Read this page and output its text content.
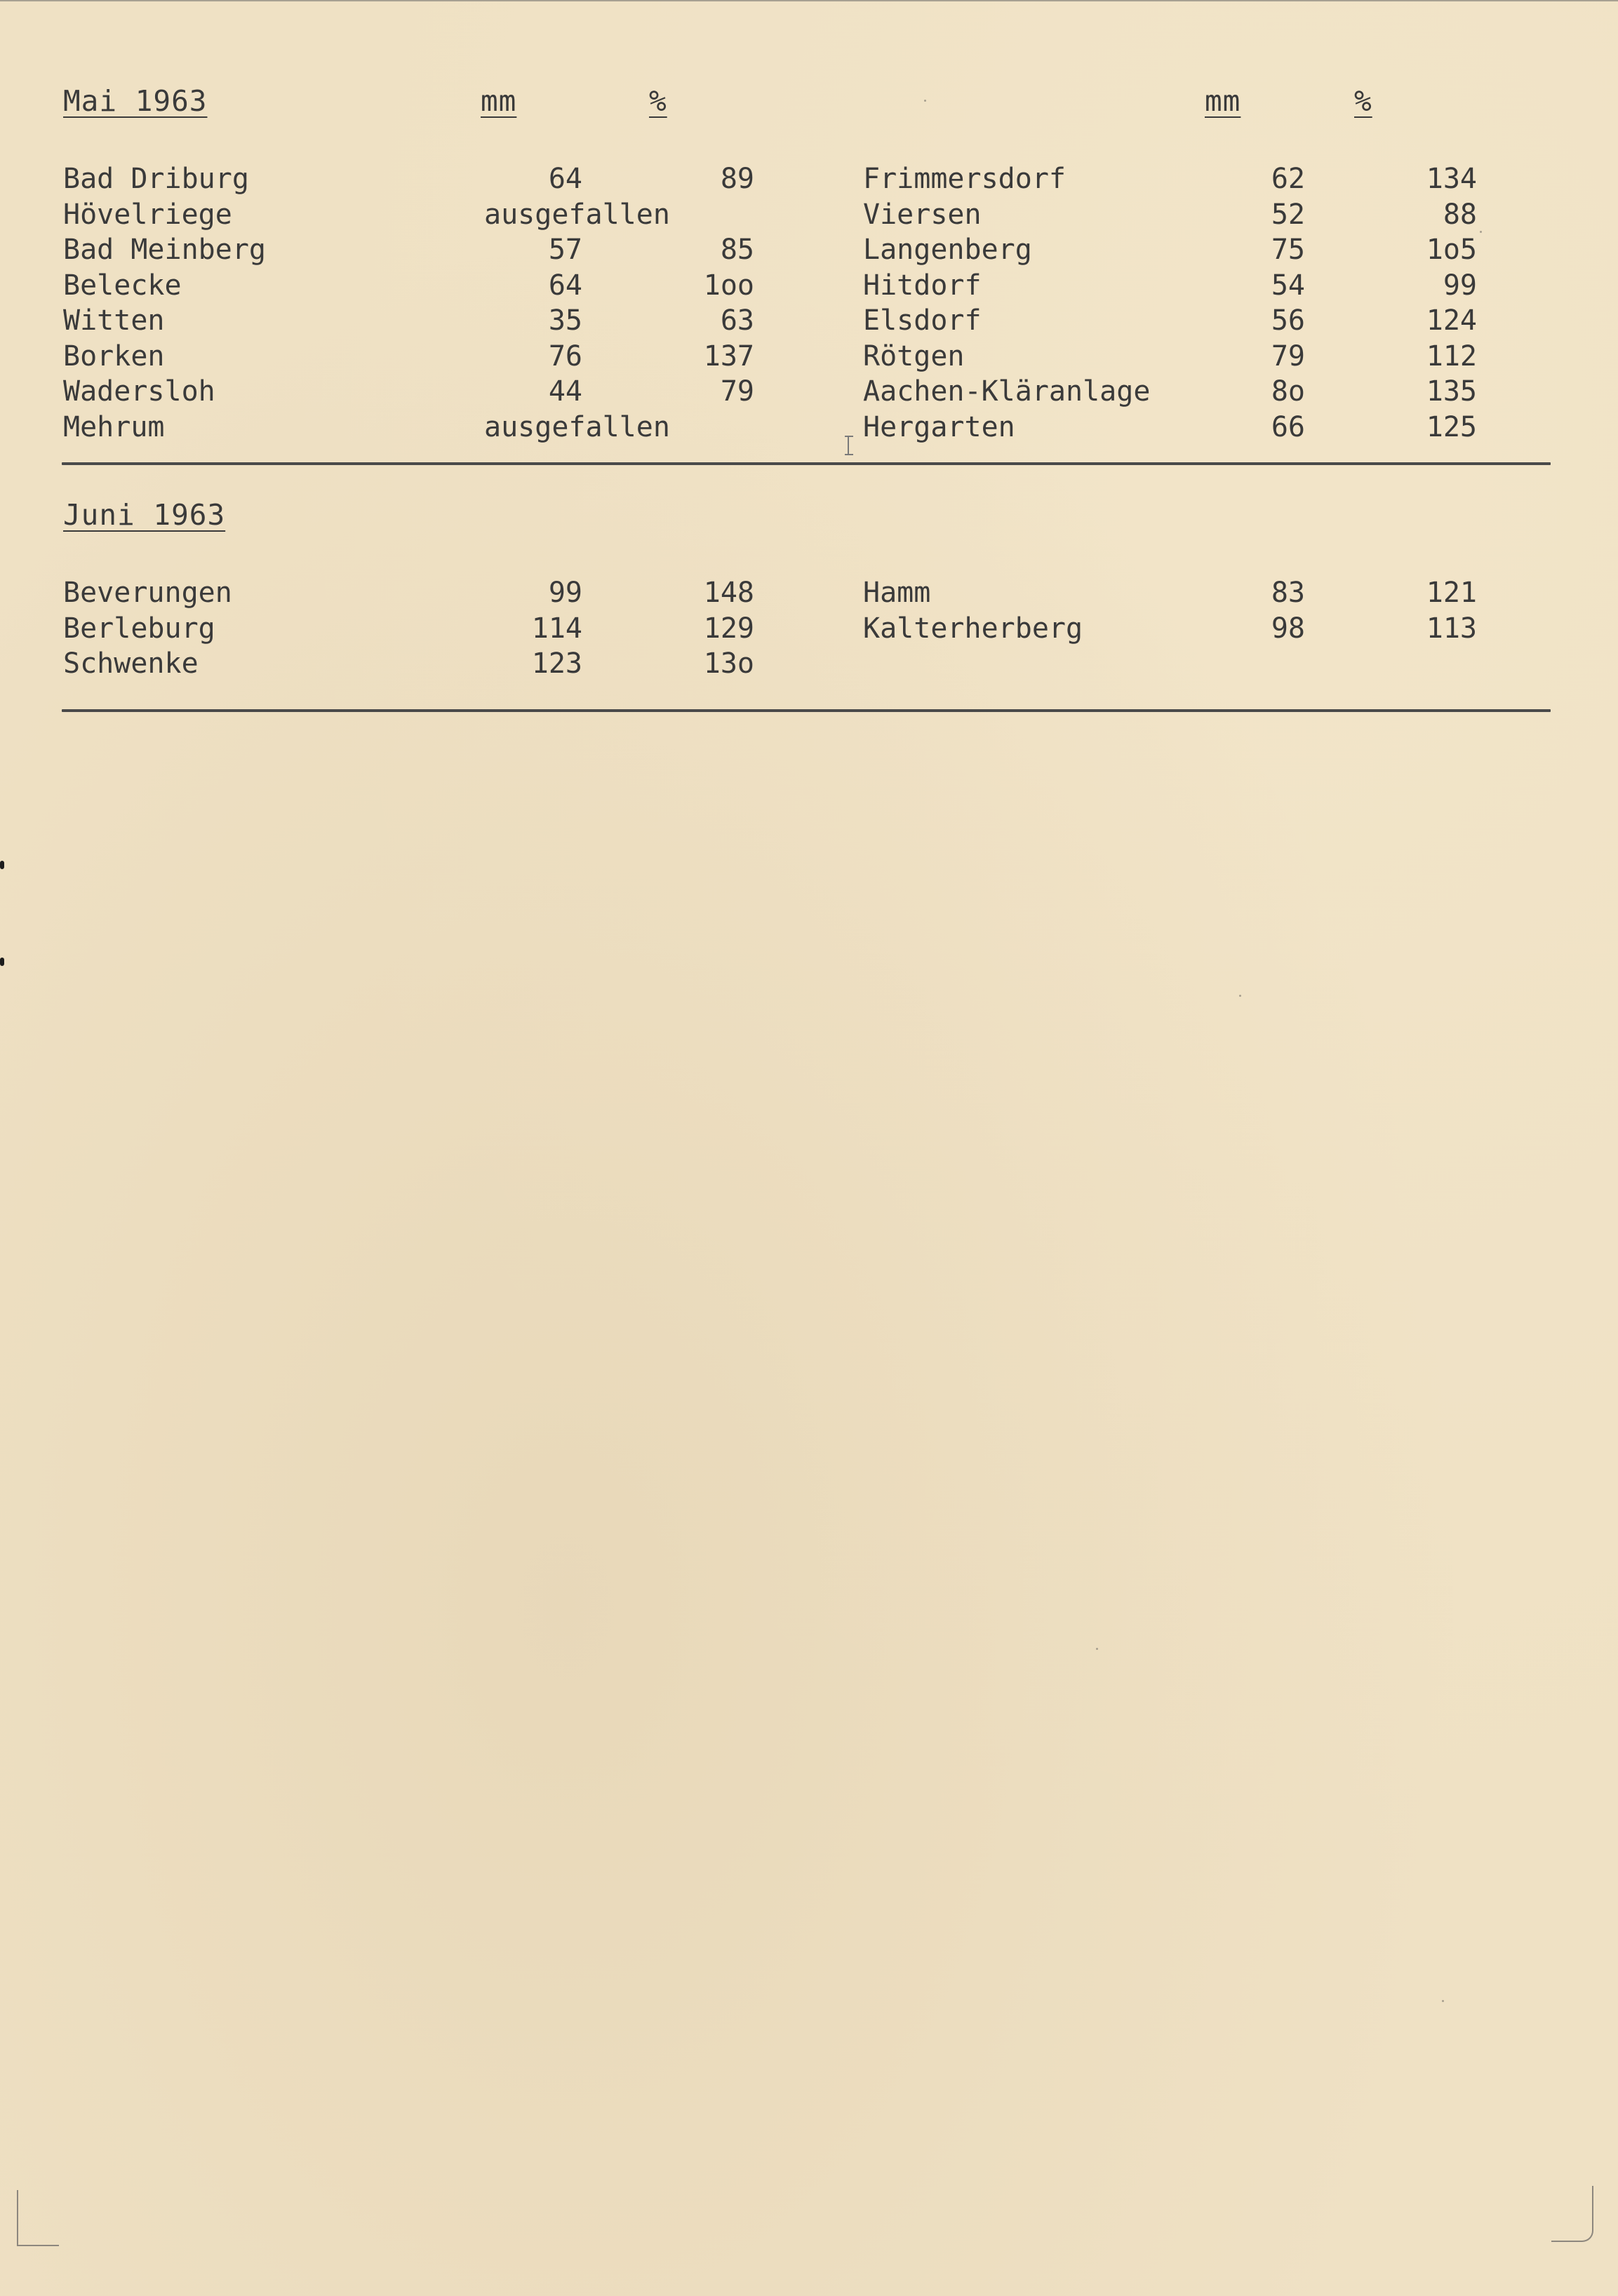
Mai 1963	mm	%	mm	%
Bad Driburg	64	89	Frimmersdorf	62	134
Hövelriege	ausgefallen	Viersen	52	88
Bad Meinberg	57	85	Langenberg	75	1o5
Belecke	64	1oo	Hitdorf	54	99
Witten	35	63	Elsdorf	56	124
Borken	76	137	Rötgen	79	112
Wadersloh	44	79	Aachen-Kläranlage	8o	135
Mehrum	ausgefallen	Hergarten	66	125
Juni 1963
Beverungen	99	148	Hamm	83	121
Berleburg	114	129	Kalterherberg	98	113
Schwenke	123	13o
